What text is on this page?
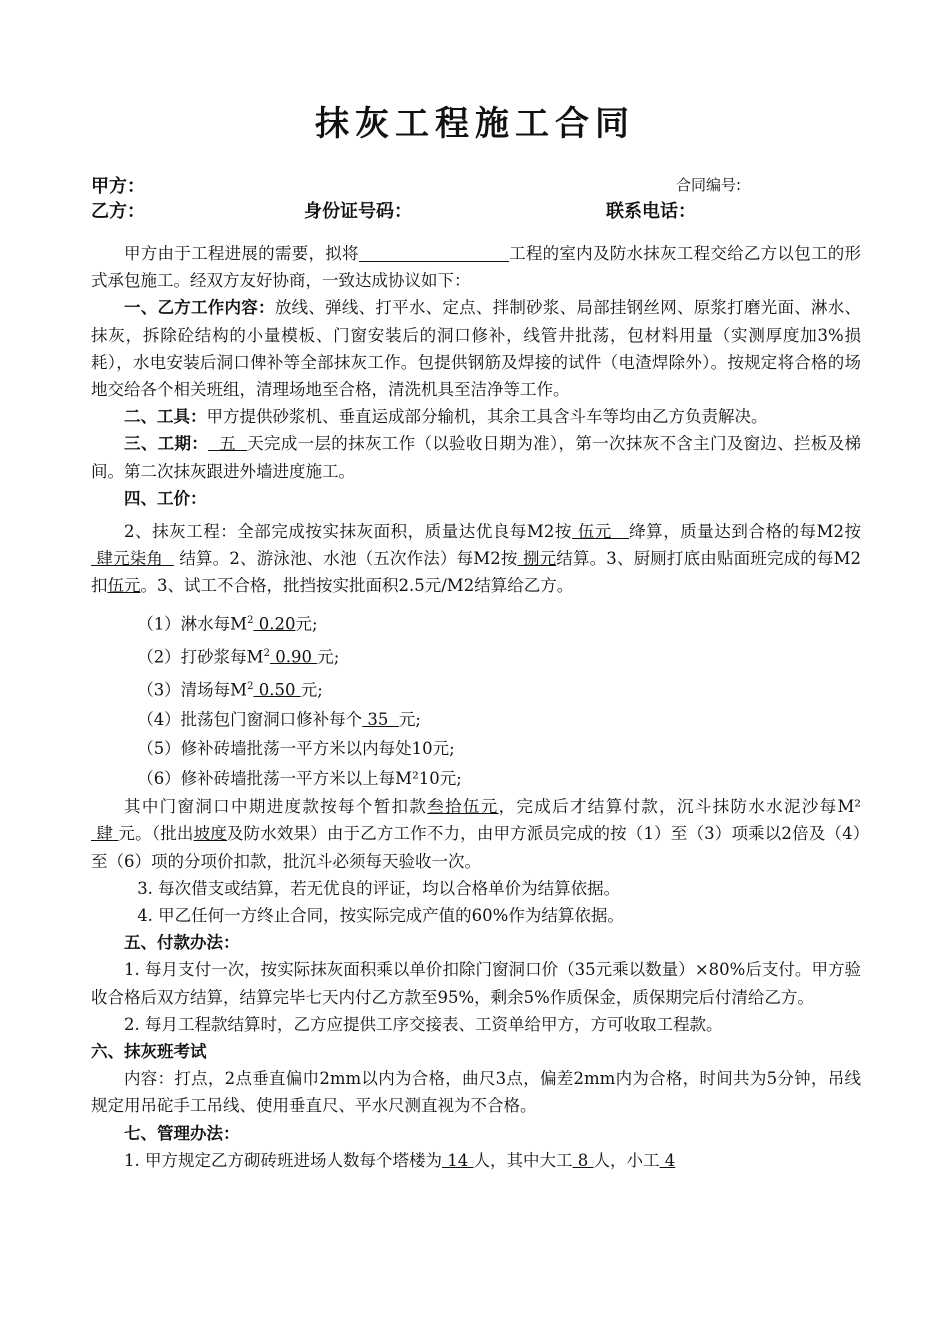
抹灰工程施工合同
甲方：	合同编号:
乙方：	身份证号码：	联系电话：

甲方由于工程进展的需要，拟将	工程的室内及防水抹灰工程交给乙方以包工的形式承包施工。经双方友好协商，一致达成协议如下：

一、乙方工作内容：放线、弹线、打平水、定点、拌制砂浆、局部挂钢丝网、原浆打磨光面、淋水、抹灰，拆除砼结构的小量模板、门窗安装后的洞口修补，线管井批荡，包材料用量（实测厚度加3%损耗），水电安装后洞口俾补等全部抹灰工作。包提供钢筋及焊接的试件（电渣焊除外）。按规定将合格的场地交给各个相关班组，清理场地至合格，清洗机具至洁净等工作。

二、工具：甲方提供砂浆机、垂直运成部分输机，其余工具含斗车等均由乙方负责解决。

三、工期：  五  天完成一层的抹灰工作（以验收日期为准），第一次抹灰不含主门及窗边、拦板及梯间。第二次抹灰跟进外墙进度施工。

四、工价：

2、抹灰工程：全部完成按实抹灰面积，质量达优良每M2按 伍元   绛算，质量达到合格的每M2按 肆元柒角   结算。2、游泳池、水池（五次作法）每M2按 捌元结算。3、厨厕打底由贴面班完成的每M2扣伍元。3、试工不合格，批挡按实批面积2.5元/M2结算给乙方。

（1）淋水每$M^2$ 0.20元;

（2）打砂浆每$M^2$ 0.90 元;

（3）清场每$M^2$ 0.50 元;

（4）批荡包门窗洞口修补每个 35  元;

（5）修补砖墙批荡一平方米以内每处10元;

（6）修补砖墙批荡一平方米以上每M²10元;

其中门窗洞口中期进度款按每个暂扣款叁拾伍元，完成后才结算付款，沉斗抹防水水泥沙每M²  肆 元。（批出坡度及防水效果）由于乙方工作不力，由甲方派员完成的按（1）至（3）项乘以2倍及（4）至（6）项的分项价扣款，批沉斗必须每天验收一次。

3. 每次借支或结算，若无优良的评证，均以合格单价为结算依据。

4. 甲乙任何一方终止合同，按实际完成产值的60%作为结算依据。

五、付款办法：

1. 每月支付一次，按实际抹灰面积乘以单价扣除门窗洞口价（35元乘以数量）×80%后支付。甲方验收合格后双方结算，结算完毕七天内付乙方款至95%，剩余5%作质保金，质保期完后付清给乙方。

2. 每月工程款结算时，乙方应提供工序交接表、工资单给甲方，方可收取工程款。

六、抹灰班考试

内容：打点，2点垂直偏巾2mm以内为合格，曲尺3点，偏差2mm内为合格，时间共为5分钟，吊线规定用吊砣手工吊线、使用垂直尺、平水尺测直视为不合格。

七、管理办法：

1. 甲方规定乙方砌砖班进场人数每个塔楼为 14 人，其中大工 8 人，小工 4
